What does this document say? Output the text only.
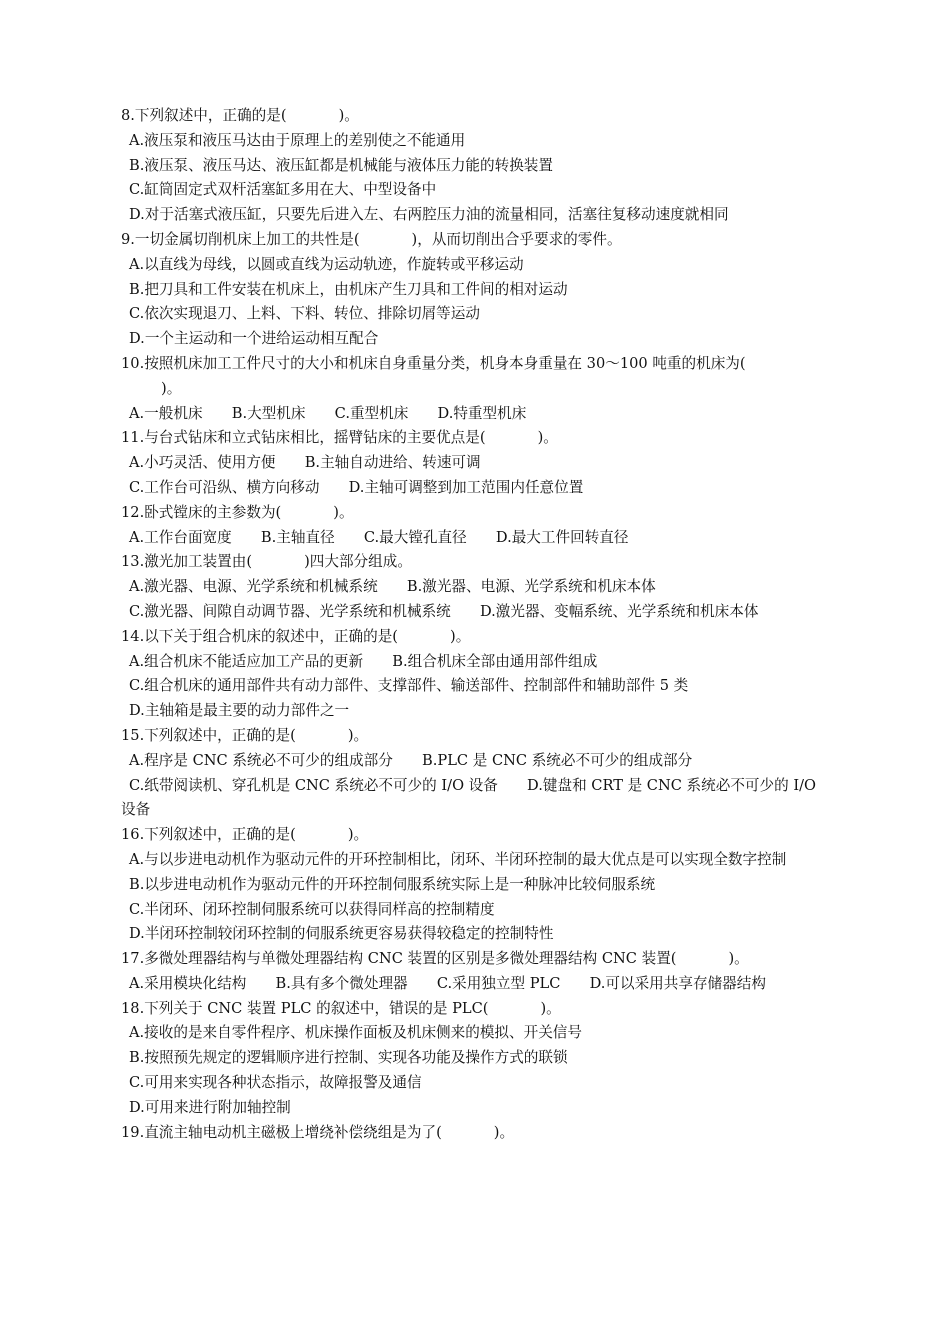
8.下列叙述中，正确的是(	)。
A.液压泵和液压马达由于原理上的差别使之不能通用
B.液压泵、液压马达、液压缸都是机械能与液体压力能的转换装置
C.缸筒固定式双杆活塞缸多用在大、中型设备中
D.对于活塞式液压缸，只要先后进入左、右两腔压力油的流量相同，活塞往复移动速度就相同
9.一切金属切削机床上加工的共性是(	)，从而切削出合乎要求的零件。
A.以直线为母线，以圆或直线为运动轨迹，作旋转或平移运动
B.把刀具和工件安装在机床上，由机床产生刀具和工件间的相对运动
C.依次实现退刀、上料、下料、转位、排除切屑等运动
D.一个主运动和一个进给运动相互配合
10.按照机床加工工件尺寸的大小和机床自身重量分类，机身本身重量在 30～100 吨重的机床为(
)。
A.一般机床　　B.大型机床　　C.重型机床　　D.特重型机床
11.与台式钻床和立式钻床相比，摇臂钻床的主要优点是(	)。
A.小巧灵活、使用方便　　B.主轴自动进给、转速可调
C.工作台可沿纵、横方向移动　　D.主轴可调整到加工范围内任意位置
12.卧式镗床的主参数为(	)。
A.工作台面宽度　　B.主轴直径　　C.最大镗孔直径　　D.最大工件回转直径
13.激光加工装置由(	)四大部分组成。
A.激光器、电源、光学系统和机械系统　　B.激光器、电源、光学系统和机床本体
C.激光器、间隙自动调节器、光学系统和机械系统　　D.激光器、变幅系统、光学系统和机床本体
14.以下关于组合机床的叙述中，正确的是(	)。
A.组合机床不能适应加工产品的更新　　B.组合机床全部由通用部件组成
C.组合机床的通用部件共有动力部件、支撑部件、输送部件、控制部件和辅助部件 5 类
D.主轴箱是最主要的动力部件之一
15.下列叙述中，正确的是(	)。
A.程序是 CNC 系统必不可少的组成部分　　B.PLC 是 CNC 系统必不可少的组成部分
C.纸带阅读机、穿孔机是 CNC 系统必不可少的 I/O 设备　　D.键盘和 CRT 是 CNC 系统必不可少的 I/O 设备
16.下列叙述中，正确的是(	)。
A.与以步进电动机作为驱动元件的开环控制相比，闭环、半闭环控制的最大优点是可以实现全数字控制
B.以步进电动机作为驱动元件的开环控制伺服系统实际上是一种脉冲比较伺服系统
C.半闭环、闭环控制伺服系统可以获得同样高的控制精度
D.半闭环控制较闭环控制的伺服系统更容易获得较稳定的控制特性
17.多微处理器结构与单微处理器结构 CNC 装置的区别是多微处理器结构 CNC 装置(	)。
A.采用模块化结构　　B.具有多个微处理器　　C.采用独立型 PLC　　D.可以采用共享存储器结构
18.下列关于 CNC 装置 PLC 的叙述中，错误的是 PLC(	)。
A.接收的是来自零件程序、机床操作面板及机床侧来的模拟、开关信号
B.按照预先规定的逻辑顺序进行控制、实现各功能及操作方式的联锁
C.可用来实现各种状态指示，故障报警及通信
D.可用来进行附加轴控制
19.直流主轴电动机主磁极上增绕补偿绕组是为了(	)。
